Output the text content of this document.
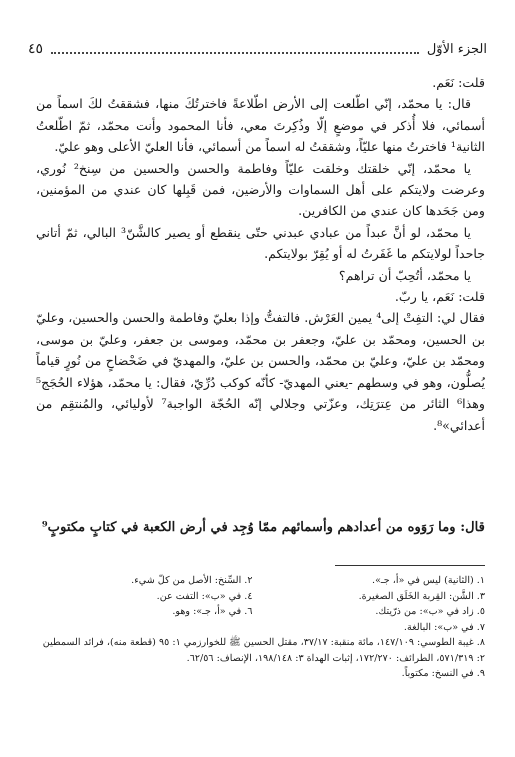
الجزء الأوّل
٤٥

قلت: نَعَم.

قال: يا محمّد، إنّي اطّلعت إلى الأرض اطّلاعةً فاخترتُكَ منها، فشققتُ لكَ اسماً من أسمائي، فلا أُذكر في موضعٍ إلّا وذُكِرتَ معي، فأنا المحمود وأنت محمّد، ثمّ اطّلعتُ الثانية¹ فاخترتُ منها عليّاً، وشققتُ له اسماً من أسمائي، فأنا العليّ الأعلى وهو عليّ.

يا محمّد، إنّي خلقتك وخلقت عليّاً وفاطمة والحسن والحسين من سِنخ² نُوري، وعرضت ولايتكم على أهل السماوات والأرضين، فمن قَبِلها كان عندي من المؤمنين، ومن جَحَدها كان عندي من الكافرين.

يا محمّد، لو أنَّ عبداً من عبادي عبدني حتّى ينقطع أو يصير كالشَّنّ³ البالي، ثمّ أتاني جاحداً لولايتكم ما غَفَرتُ له أو يُقِرّ بولايتكم.

يا محمّد، أتُحِبّ أن تراهم؟

قلت: نَعَم، يا ربّ.

فقال لي: التفِتْ إلى⁴ يمين العَرْش. فالتفتُّ وإذا بعليّ وفاطمة والحسن والحسين، وعليّ بن الحسين، ومحمّد بن عليّ، وجعفر بن محمّد، وموسى بن جعفر، وعليّ بن موسى، ومحمّد بن عليّ، وعليّ بن محمّد، والحسن بن عليّ، والمهديّ في ضَحْضاحٍ من نُورٍ قياماً يُصلُّون، وهو في وسطهم -يعني المهديّ- كأنّه كوكب دُرِّيّ، فقال: يا محمّد، هؤلاء الحُجَج⁵ وهذا⁶ الثائر من عِترَتِك، وعزّتي وجلالي إنّه الحُجّة الواجبة⁷ لأوليائي، والمُنتقِم من أعدائي»⁸.

قال: وما رَوَوه من أعدادهم وأسمائهم ممّا وُجِد في أرض الكعبة في كتابٍ مكتوبٍ⁹
١. (الثانية) ليس في «أ، جـ».
٢. السِّنخ: الأصل من كلّ شيء.
٣. الشَّن: القِربة الخَلَق الصغيرة.
٤. في «ب»: التفت عن.
٥. زاد في «ب»: من ذرّيتك.
٦. في «أ، جـ»: وهو.
٧. في «ب»: البالغة.
٨. غيبة الطوسي: ١٤٧/١٠٩، مائة منقبة: ٣٧/١٧، مقتل الحسين ﷺ للخوارزمي ١: ٩٥ (قطعة منه)، فرائد السمطين ٢: ٥٧١/٣١٩، الطرائف: ١٧٢/٢٧٠، إثبات الهداة ٣: ١٩٨/١٤٨، الإنصاف: ٦٢/٥٦.
٩. في النسخ: مكتوباً.
